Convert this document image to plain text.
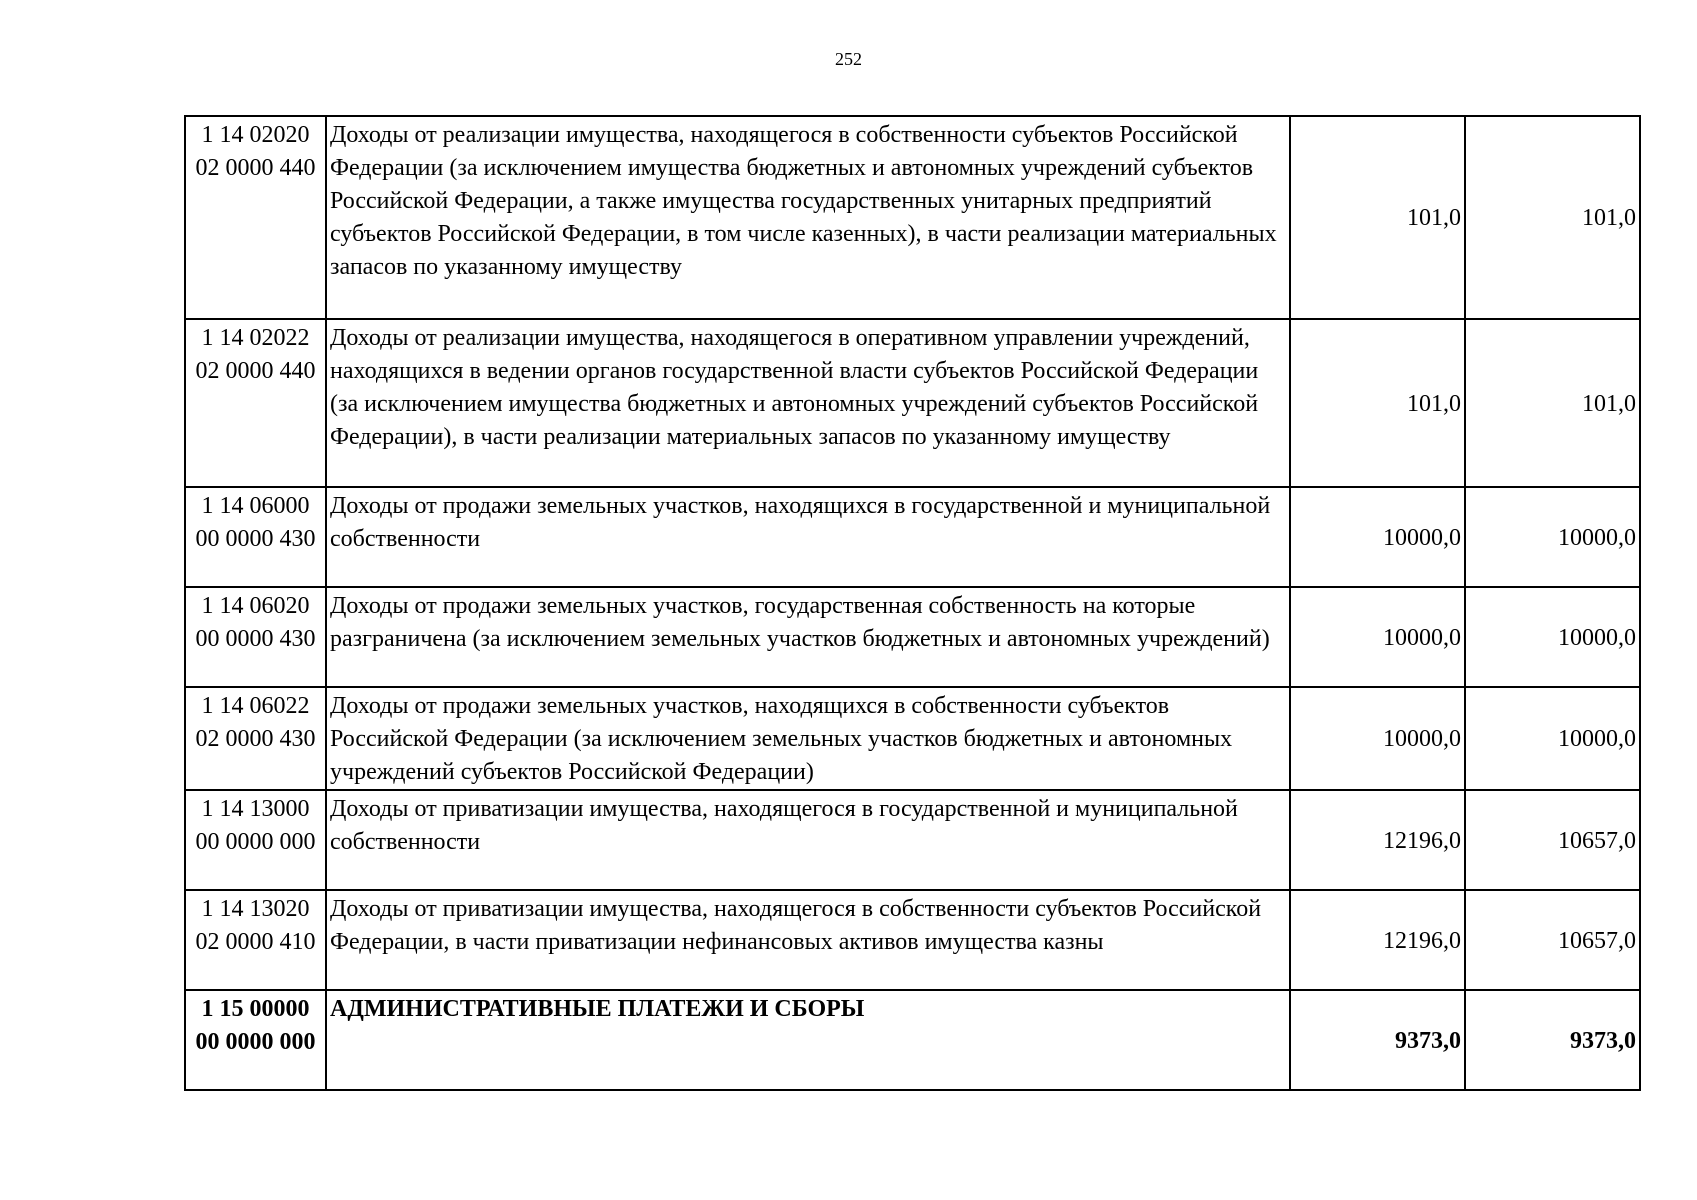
252
1 14 02020
02 0000 440	Доходы от реализации имущества, находящегося в собственности субъектов Российской Федерации (за исключением имущества бюджетных и автономных учреждений субъектов Российской Федерации, а также имущества государственных унитарных предприятий субъектов Российской Федерации, в том числе казенных), в части реализации материальных запасов по указанному имуществу	101,0	101,0

1 14 02022
02 0000 440	Доходы от реализации имущества, находящегося в оперативном управлении учреждений, находящихся в ведении органов государственной власти субъектов Российской Федерации (за исключением имущества бюджетных и автономных учреждений субъектов Российской Федерации), в части реализации материальных запасов по указанному имуществу	101,0	101,0

1 14 06000
00 0000 430	Доходы от продажи земельных участков, находящихся в государственной и муниципальной собственности	10000,0	10000,0

1 14 06020
00 0000 430	Доходы от продажи земельных участков, государственная собственность на которые разграничена (за исключением земельных участков бюджетных и автономных учреждений)	10000,0	10000,0

1 14 06022
02 0000 430	Доходы от продажи земельных участков, находящихся в собственности субъектов Российской Федерации (за исключением земельных участков бюджетных и автономных учреждений субъектов Российской Федерации)	10000,0	10000,0

1 14 13000
00 0000 000	Доходы от приватизации имущества, находящегося в государственной и муниципальной собственности	12196,0	10657,0

1 14 13020
02 0000 410	Доходы от приватизации имущества, находящегося в собственности субъектов Российской Федерации, в части приватизации нефинансовых активов имущества казны	12196,0	10657,0

1 15 00000
00 0000 000	АДМИНИСТРАТИВНЫЕ ПЛАТЕЖИ И СБОРЫ	9373,0	9373,0
